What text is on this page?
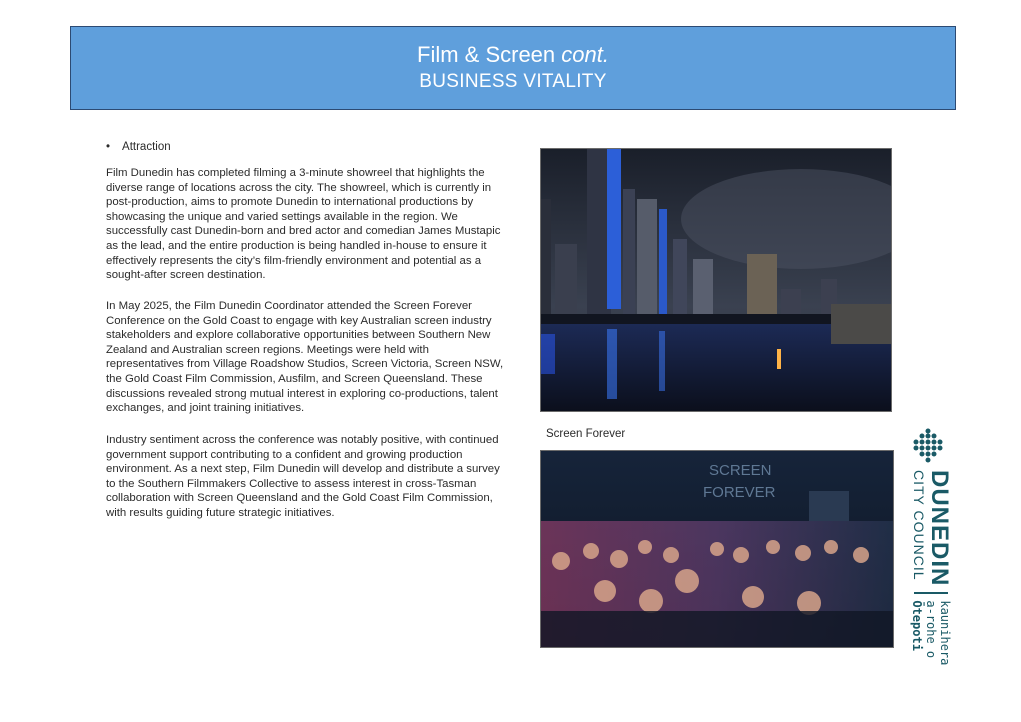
Film & Screen cont.
BUSINESS VITALITY
• Attraction

Film Dunedin has completed filming a 3-minute showreel that highlights the diverse range of locations across the city. The showreel, which is currently in post-production, aims to promote Dunedin to international productions by showcasing the unique and varied settings available in the region. We successfully cast Dunedin-born and bred actor and comedian James Mustapic as the lead, and the entire production is being handled in-house to ensure it effectively represents the city’s film-friendly environment and potential as a sought-after screen destination.

In May 2025, the Film Dunedin Coordinator attended the Screen Forever Conference on the Gold Coast to engage with key Australian screen industry stakeholders and explore collaborative opportunities between Southern New Zealand and Australian screen regions. Meetings were held with representatives from Village Roadshow Studios, Screen Victoria, Screen NSW, the Gold Coast Film Commission, Ausfilm, and Screen Queensland. These discussions revealed strong mutual interest in exploring co-productions, talent exchanges, and joint training initiatives.

Industry sentiment across the conference was notably positive, with continued government support contributing to a confident and growing production environment. As a next step, Film Dunedin will develop and distribute a survey to the Southern Filmmakers Collective to assess interest in cross-Tasman collaboration with Screen Queensland and the Gold Coast Film Commission, with results guiding future strategic initiatives.

Screen Forever
SCREEN
FOREVER	DUNEDIN
CITY COUNCIL
kaunihera
a-rohe o
Ōtepoti
